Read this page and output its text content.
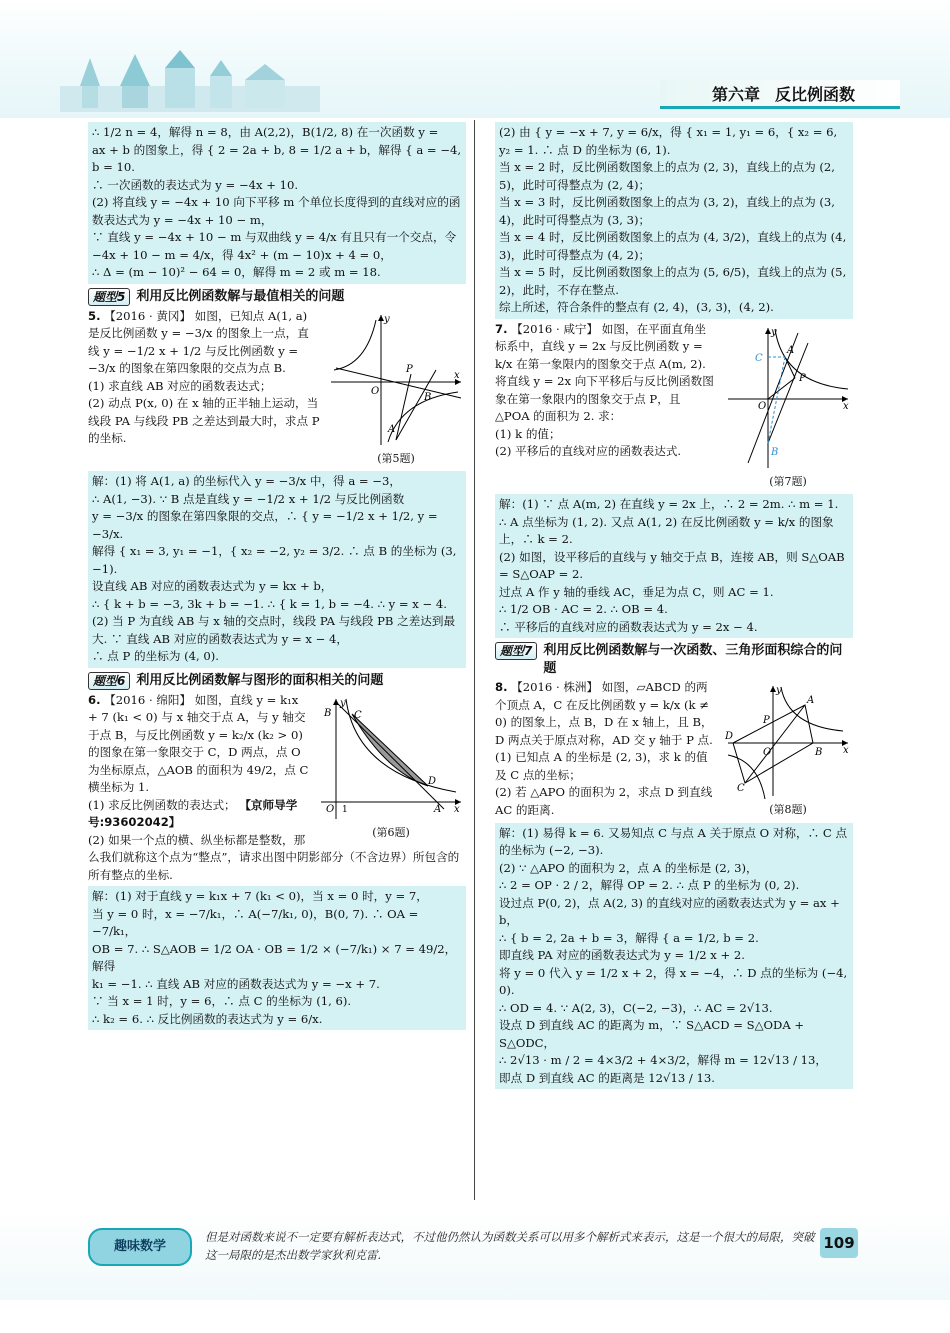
第六章 反比例函数

∴ 1/2 n = 4，解得 n = 8，由 A(2,2)，B(1/2, 8) 在一次函数 y =

ax + b 的图象上，得 { 2 = 2a + b, 8 = 1/2 a + b，解得 { a = −4, b = 10.

∴ 一次函数的表达式为 y = −4x + 10.

(2) 将直线 y = −4x + 10 向下平移 m 个单位长度得到的直线对应的函数表达式为 y = −4x + 10 − m，

∵ 直线 y = −4x + 10 − m 与双曲线 y = 4/x 有且只有一个交点，令 −4x + 10 − m = 4/x，得 4x² + (m − 10)x + 4 = 0，

∴ Δ = (m − 10)² − 64 = 0，解得 m = 2 或 m = 18.

题型5 利用反比例函数解与最值相关的问题
y
x
O
P
B
A
(第5题)

5. 【2016 · 黄冈】 如图，已知点 A(1, a) 是反比例函数 y = −3/x 的图象上一点，直线 y = −1/2 x + 1/2 与反比例函数 y = −3/x 的图象在第四象限的交点为点 B.

(1) 求直线 AB 对应的函数表达式；

(2) 动点 P(x, 0) 在 x 轴的正半轴上运动，当线段 PA 与线段 PB 之差达到最大时，求点 P 的坐标.

解：(1) 将 A(1, a) 的坐标代入 y = −3/x 中，得 a = −3，

∴ A(1, −3). ∵ B 点是直线 y = −1/2 x + 1/2 与反比例函数

y = −3/x 的图象在第四象限的交点，∴ { y = −1/2 x + 1/2, y = −3/x.

解得 { x₁ = 3, y₁ = −1，{ x₂ = −2, y₂ = 3/2. ∴ 点 B 的坐标为 (3, −1).

设直线 AB 对应的函数表达式为 y = kx + b，

∴ { k + b = −3, 3k + b = −1. ∴ { k = 1, b = −4. ∴ y = x − 4.

(2) 当 P 为直线 AB 与 x 轴的交点时，线段 PA 与线段 PB 之差达到最大. ∵ 直线 AB 对应的函数表达式为 y = x − 4，

∴ 点 P 的坐标为 (4, 0).

题型6 利用反比例函数解与图形的面积相关的问题
O 1
y
x
B C
D
A
(第6题)

6. 【2016 · 绵阳】 如图，直线 y = k₁x + 7 (k₁ < 0) 与 x 轴交于点 A，与 y 轴交于点 B，与反比例函数 y = k₂/x (k₂ > 0) 的图象在第一象限交于 C，D 两点，点 O 为坐标原点，△AOB 的面积为 49/2，点 C 横坐标为 1.

(1) 求反比例函数的表达式； 【京师导学号:93602042】

(2) 如果一个点的横、纵坐标都是整数，那么我们就称这个点为“整点”，请求出图中阴影部分（不含边界）所包含的所有整点的坐标.

解：(1) 对于直线 y = k₁x + 7 (k₁ < 0)，当 x = 0 时，y = 7，

当 y = 0 时，x = −7/k₁，∴ A(−7/k₁, 0)，B(0, 7). ∴ OA = −7/k₁，

OB = 7. ∴ S△AOB = 1/2 OA · OB = 1/2 × (−7/k₁) × 7 = 49/2，解得

k₁ = −1. ∴ 直线 AB 对应的函数表达式为 y = −x + 7.

∵ 当 x = 1 时，y = 6，∴ 点 C 的坐标为 (1, 6).

∴ k₂ = 6. ∴ 反比例函数的表达式为 y = 6/x.

(2) 由 { y = −x + 7, y = 6/x，得 { x₁ = 1, y₁ = 6，{ x₂ = 6, y₂ = 1. ∴ 点 D 的坐标为 (6, 1).

当 x = 2 时，反比例函数图象上的点为 (2, 3)，直线上的点为 (2, 5)，此时可得整点为 (2, 4)；

当 x = 3 时，反比例函数图象上的点为 (3, 2)，直线上的点为 (3, 4)，此时可得整点为 (3, 3)；

当 x = 4 时，反比例函数图象上的点为 (4, 3/2)，直线上的点为 (4, 3)，此时可得整点为 (4, 2)；

当 x = 5 时，反比例函数图象上的点为 (5, 6/5)，直线上的点为 (5, 2)，此时，不存在整点.

综上所述，符合条件的整点有 (2, 4)，(3, 3)，(4, 2).

y
x
O
C
A
P
B
(第7题)

7. 【2016 · 咸宁】 如图，在平面直角坐标系中，直线 y = 2x 与反比例函数 y = k/x 在第一象限内的图象交于点 A(m, 2). 将直线 y = 2x 向下平移后与反比例函数图象在第一象限内的图象交于点 P，且 △POA 的面积为 2. 求：

(1) k 的值；

(2) 平移后的直线对应的函数表达式.

解：(1) ∵ 点 A(m, 2) 在直线 y = 2x 上，∴ 2 = 2m. ∴ m = 1.

∴ A 点坐标为 (1, 2). 又点 A(1, 2) 在反比例函数 y = k/x 的图象上，∴ k = 2.

(2) 如图，设平移后的直线与 y 轴交于点 B，连接 AB，则 S△OAB = S△OAP = 2.

过点 A 作 y 轴的垂线 AC，垂足为点 C，则 AC = 1.

∴ 1/2 OB · AC = 2. ∴ OB = 4.

∴ 平移后的直线对应的函数表达式为 y = 2x − 4.

题型7 利用反比例函数解与一次函数、三角形面积综合的问题
y
x
O
A
P
D
B
C
(第8题)

8. 【2016 · 株洲】 如图，▱ABCD 的两个顶点 A，C 在反比例函数 y = k/x (k ≠ 0) 的图象上，点 B，D 在 x 轴上，且 B，D 两点关于原点对称，AD 交 y 轴于 P 点.

(1) 已知点 A 的坐标是 (2, 3)，求 k 的值及 C 点的坐标；

(2) 若 △APO 的面积为 2，求点 D 到直线 AC 的距离.

解：(1) 易得 k = 6. 又易知点 C 与点 A 关于原点 O 对称，∴ C 点的坐标为 (−2, −3).

(2) ∵ △APO 的面积为 2，点 A 的坐标是 (2, 3)，

∴ 2 = OP · 2 / 2，解得 OP = 2. ∴ 点 P 的坐标为 (0, 2).

设过点 P(0, 2)，点 A(2, 3) 的直线对应的函数表达式为 y = ax + b，

∴ { b = 2, 2a + b = 3，解得 { a = 1/2, b = 2.

即直线 PA 对应的函数表达式为 y = 1/2 x + 2.

将 y = 0 代入 y = 1/2 x + 2，得 x = −4，∴ D 点的坐标为 (−4, 0).

∴ OD = 4. ∵ A(2, 3)，C(−2, −3)，∴ AC = 2√13.

设点 D 到直线 AC 的距离为 m，∵ S△ACD = S△ODA + S△ODC，

∴ 2√13 · m / 2 = 4×3/2 + 4×3/2，解得 m = 12√13 / 13，

即点 D 到直线 AC 的距离是 12√13 / 13.

趣味数学
但是对函数来说不一定要有解析表达式，不过他仍然认为函数关系可以用多个解析式来表示，这是一个很大的局限，突破这一局限的是杰出数学家狄利克雷.
109
